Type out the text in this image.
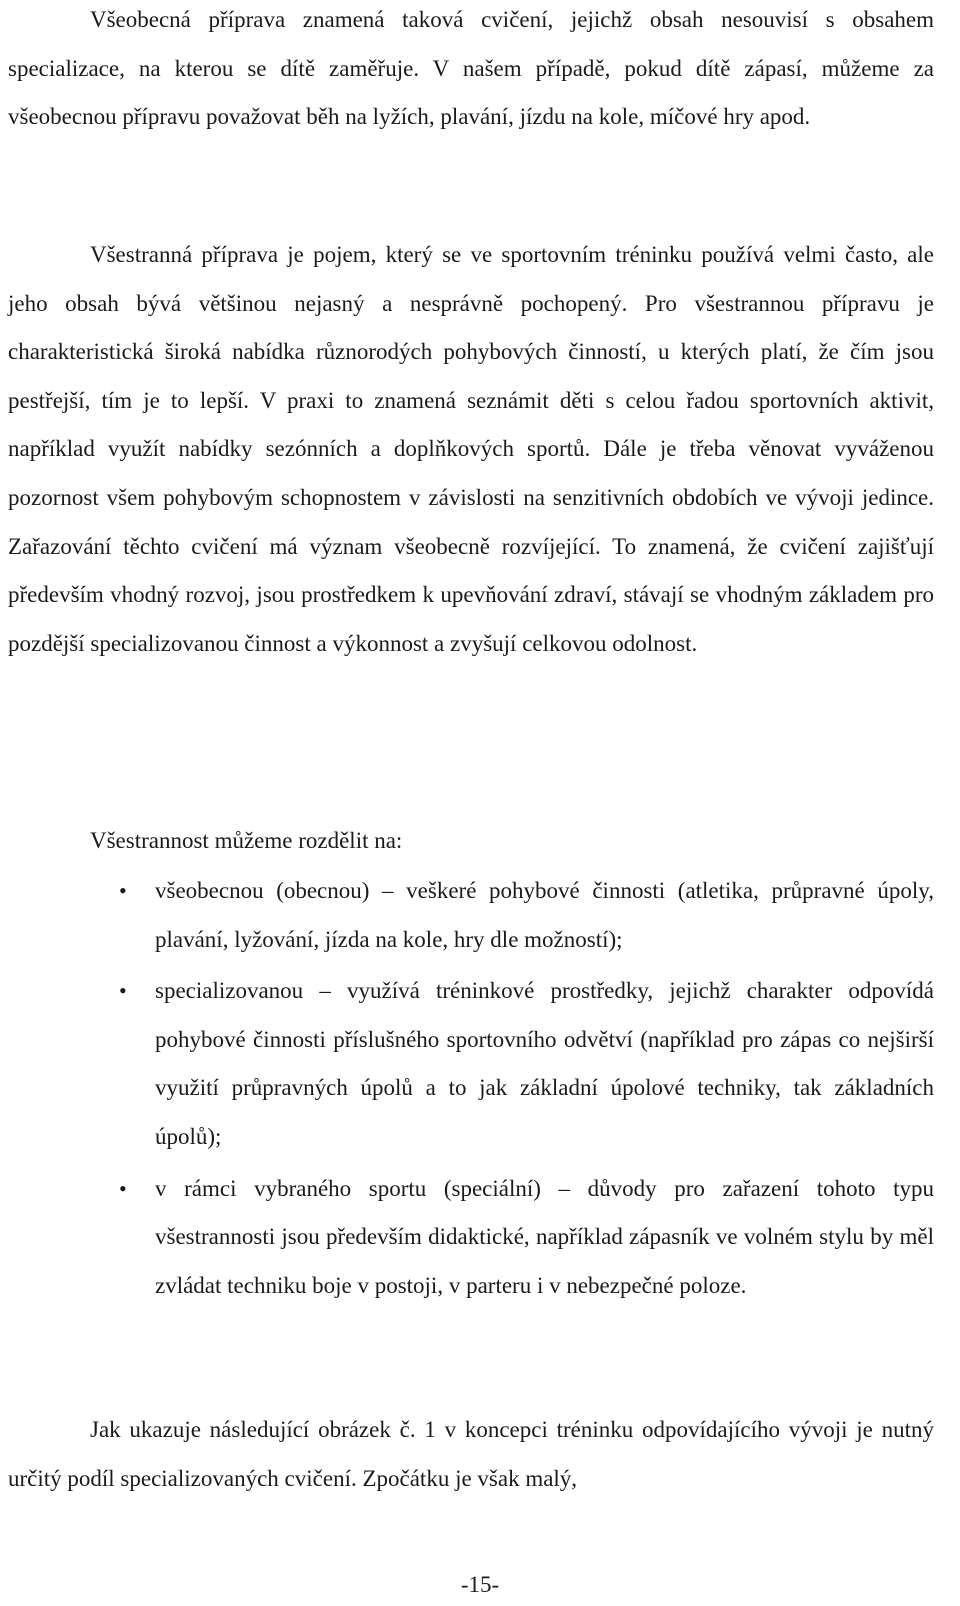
Všeobecná příprava znamená taková cvičení, jejichž obsah nesouvisí s obsahem specializace, na kterou se dítě zaměřuje. V našem případě, pokud dítě zápasí, můžeme za všeobecnou přípravu považovat běh na lyžích, plavání, jízdu na kole, míčové hry apod.

Všestranná příprava je pojem, který se ve sportovním tréninku používá velmi často, ale jeho obsah bývá většinou nejasný a nesprávně pochopený. Pro všestrannou přípravu je charakteristická široká nabídka různorodých pohybových činností, u kterých platí, že čím jsou pestřejší, tím je to lepší. V praxi to znamená seznámit děti s celou řadou sportovních aktivit, například využít nabídky sezónních a doplňkových sportů. Dále je třeba věnovat vyváženou pozornost všem pohybovým schopnostem v závislosti na senzitivních obdobích ve vývoji jedince. Zařazování těchto cvičení má význam všeobecně rozvíjející. To znamená, že cvičení zajišťují především vhodný rozvoj, jsou prostředkem k upevňování zdraví, stávají se vhodným základem pro pozdější specializovanou činnost a výkonnost a zvyšují celkovou odolnost.

Všestrannost můžeme rozdělit na:

• všeobecnou (obecnou) – veškeré pohybové činnosti (atletika, průpravné úpoly, plavání, lyžování, jízda na kole, hry dle možností);
• specializovanou – využívá tréninkové prostředky, jejichž charakter odpovídá pohybové činnosti příslušného sportovního odvětví (například pro zápas co nejširší využití průpravných úpolů a to jak základní úpolové techniky, tak základních úpolů);
• v rámci vybraného sportu (speciální) – důvody pro zařazení tohoto typu všestrannosti jsou především didaktické, například zápasník ve volném stylu by měl zvládat techniku boje v postoji, v parteru i v nebezpečné poloze.

Jak ukazuje následující obrázek č. 1 v koncepci tréninku odpovídajícího vývoji je nutný určitý podíl specializovaných cvičení. Zpočátku je však malý,

-15-
